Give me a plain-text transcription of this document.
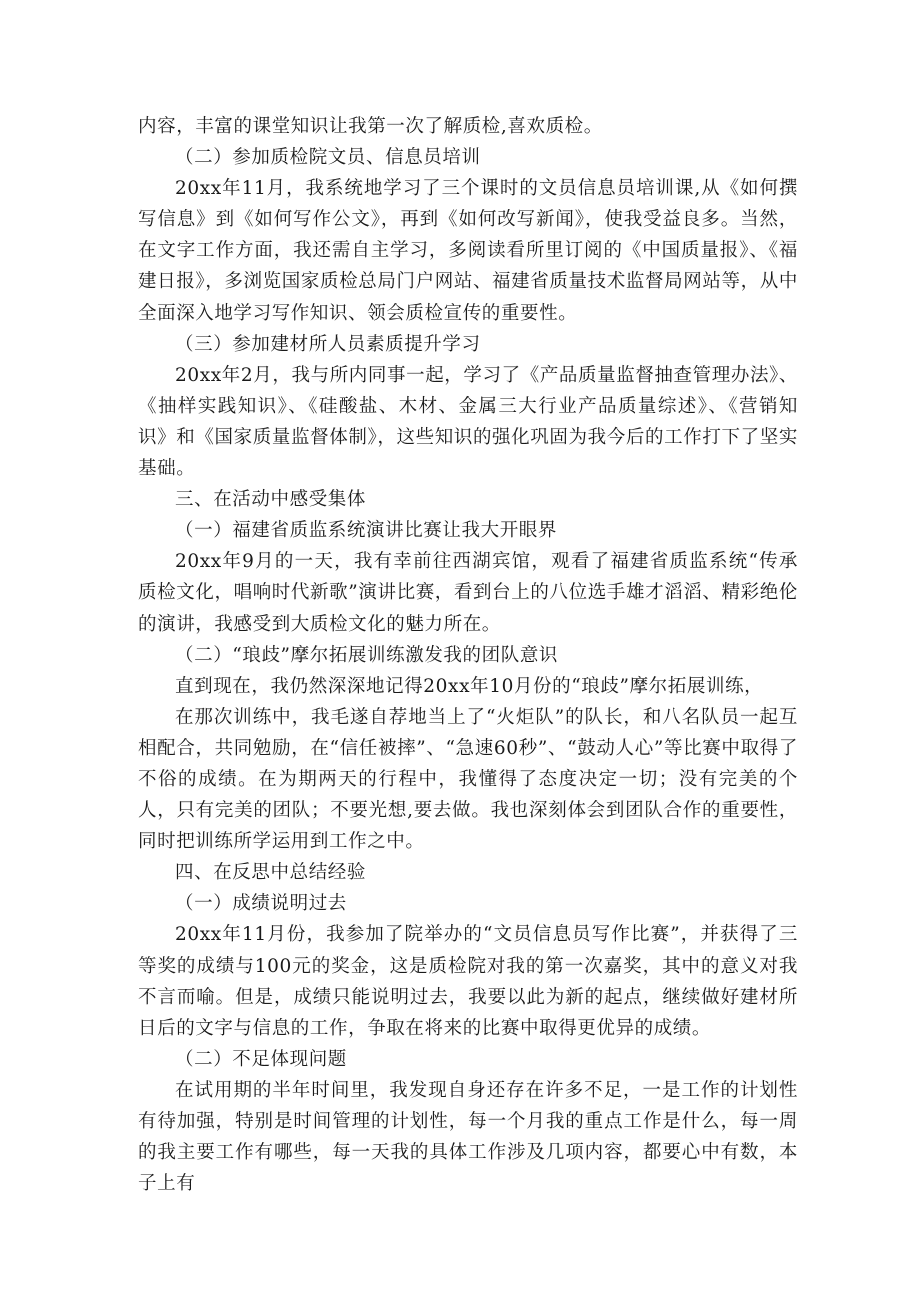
内容，丰富的课堂知识让我第一次了解质检,喜欢质检。

（二）参加质检院文员、信息员培训

20xx年11月，我系统地学习了三个课时的文员信息员培训课,从《如何撰写信息》到《如何写作公文》，再到《如何改写新闻》，使我受益良多。当然，在文字工作方面，我还需自主学习，多阅读看所里订阅的《中国质量报》、《福建日报》，多浏览国家质检总局门户网站、福建省质量技术监督局网站等，从中全面深入地学习写作知识、领会质检宣传的重要性。

（三）参加建材所人员素质提升学习

20xx年2月，我与所内同事一起，学习了《产品质量监督抽查管理办法》、《抽样实践知识》、《硅酸盐、木材、金属三大行业产品质量综述》、《营销知识》和《国家质量监督体制》，这些知识的强化巩固为我今后的工作打下了坚实基础。

三、在活动中感受集体

（一）福建省质监系统演讲比赛让我大开眼界

20xx年9月的一天，我有幸前往西湖宾馆，观看了福建省质监系统“传承质检文化，唱响时代新歌”演讲比赛，看到台上的八位选手雄才滔滔、精彩绝伦的演讲，我感受到大质检文化的魅力所在。

（二）“琅歧”摩尔拓展训练激发我的团队意识

直到现在，我仍然深深地记得20xx年10月份的“琅歧”摩尔拓展训练，

在那次训练中，我毛遂自荐地当上了“火炬队”的队长，和八名队员一起互相配合，共同勉励，在“信任被摔”、“急速60秒”、“鼓动人心”等比赛中取得了不俗的成绩。在为期两天的行程中，我懂得了态度决定一切；没有完美的个人，只有完美的团队；不要光想,要去做。我也深刻体会到团队合作的重要性，同时把训练所学运用到工作之中。

四、在反思中总结经验

（一）成绩说明过去

20xx年11月份，我参加了院举办的“文员信息员写作比赛”，并获得了三等奖的成绩与100元的奖金，这是质检院对我的第一次嘉奖，其中的意义对我不言而喻。但是，成绩只能说明过去，我要以此为新的起点，继续做好建材所日后的文字与信息的工作，争取在将来的比赛中取得更优异的成绩。

（二）不足体现问题

在试用期的半年时间里，我发现自身还存在许多不足，一是工作的计划性有待加强，特别是时间管理的计划性，每一个月我的重点工作是什么，每一周的我主要工作有哪些，每一天我的具体工作涉及几项内容，都要心中有数，本子上有
